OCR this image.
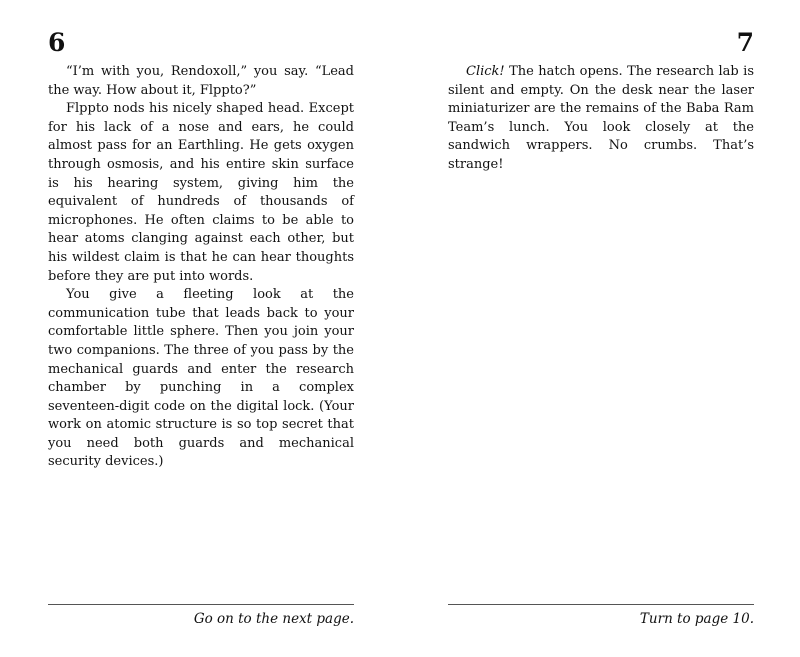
6

“I’m with you, Rendoxoll,” you say. “Lead the way. How about it, Flppto?”

Flppto nods his nicely shaped head. Except for his lack of a nose and ears, he could almost pass for an Earthling. He gets oxygen through osmosis, and his entire skin surface is his hearing system, giving him the equivalent of hundreds of thousands of microphones. He often claims to be able to hear atoms clanging against each other, but his wildest claim is that he can hear thoughts before they are put into words.

You give a fleeting look at the communication tube that leads back to your comfortable little sphere. Then you join your two companions. The three of you pass by the mechanical guards and enter the research chamber by punching in a complex seventeen-digit code on the digital lock. (Your work on atomic structure is so top secret that you need both guards and mechanical security devices.)

Go on to the next page.

7

Click! The hatch opens. The research lab is silent and empty. On the desk near the laser miniaturizer are the remains of the Baba Ram Team’s lunch. You look closely at the sandwich wrappers. No crumbs. That’s strange!

Turn to page 10.
